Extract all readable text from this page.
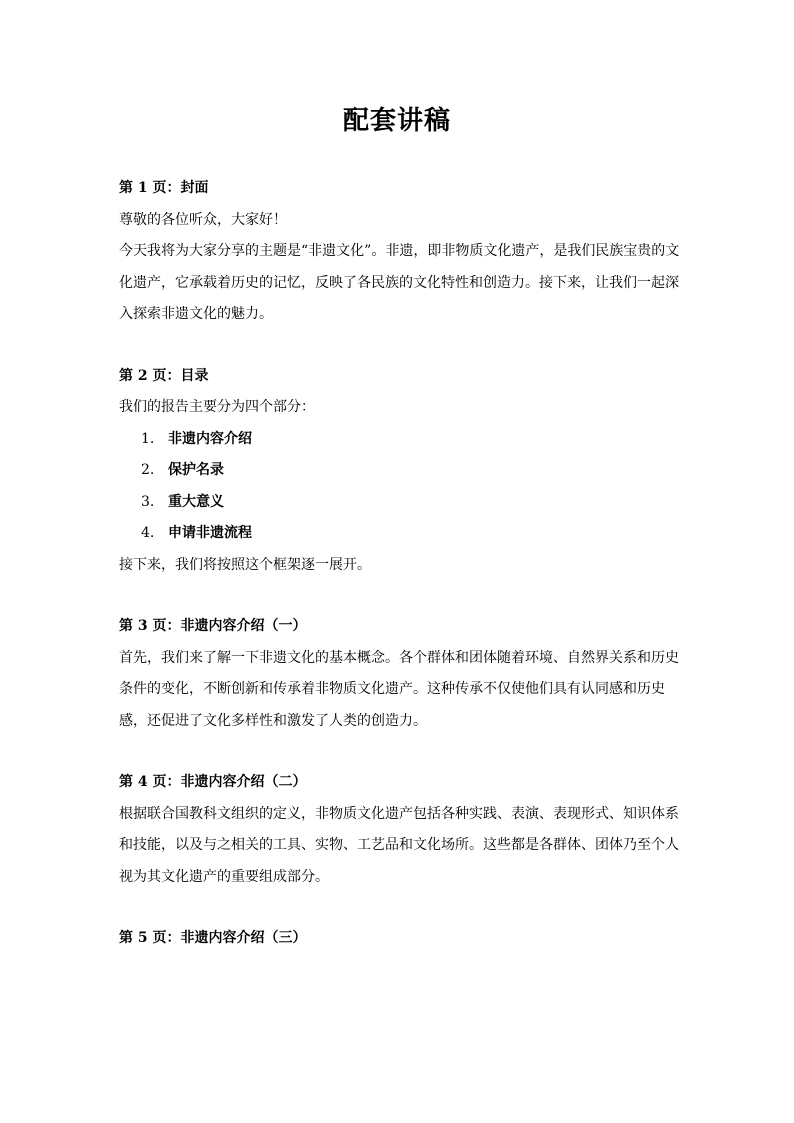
配套讲稿

第 1 页：封面

尊敬的各位听众，大家好！

今天我将为大家分享的主题是“非遗文化”。非遗，即非物质文化遗产，是我们民族宝贵的文化遗产，它承载着历史的记忆，反映了各民族的文化特性和创造力。接下来，让我们一起深入探索非遗文化的魅力。

第 2 页：目录

我们的报告主要分为四个部分：

1. 非遗内容介绍
2. 保护名录
3. 重大意义
4. 申请非遗流程

接下来，我们将按照这个框架逐一展开。

第 3 页：非遗内容介绍（一）

首先，我们来了解一下非遗文化的基本概念。各个群体和团体随着环境、自然界关系和历史条件的变化，不断创新和传承着非物质文化遗产。这种传承不仅使他们具有认同感和历史感，还促进了文化多样性和激发了人类的创造力。

第 4 页：非遗内容介绍（二）

根据联合国教科文组织的定义，非物质文化遗产包括各种实践、表演、表现形式、知识体系和技能，以及与之相关的工具、实物、工艺品和文化场所。这些都是各群体、团体乃至个人视为其文化遗产的重要组成部分。

第 5 页：非遗内容介绍（三）
